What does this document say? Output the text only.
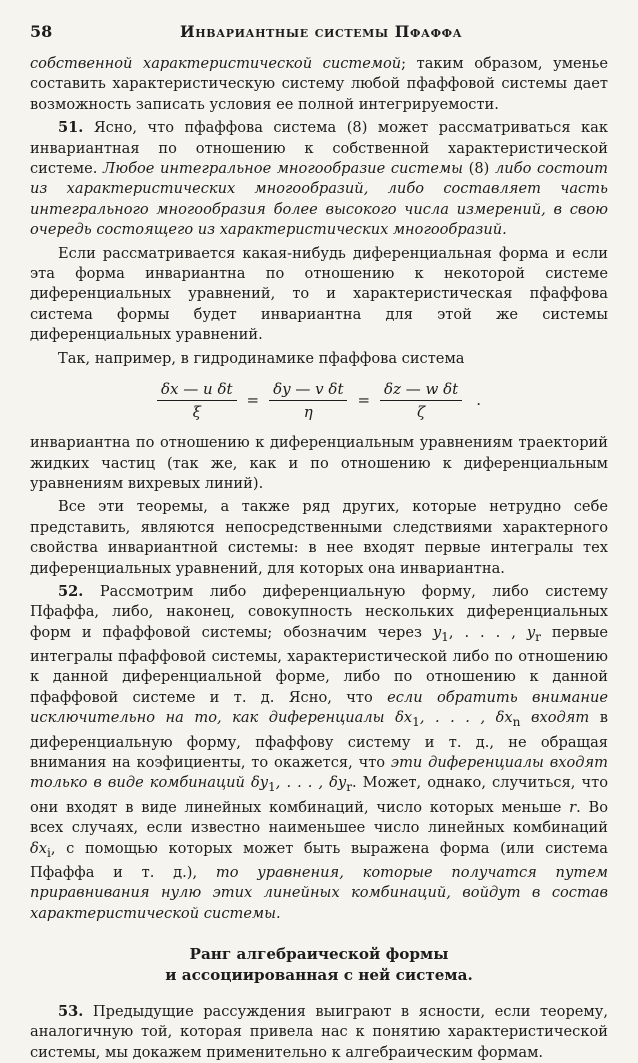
58	Инвариантные системы Пфаффа

собственной характеристической системой; таким образом, уменье составить характеристическую систему любой пфаффовой системы дает возможность записать условия ее полной интегрируемости.

51. Ясно, что пфаффова система (8) может рассматриваться как инвариантная по отношению к собственной характеристической системе. Любое интегральное многообразие системы (8) либо состоит из характеристических многообразий, либо составляет часть интегрального многообразия более высокого числа измерений, в свою очередь состоящего из характеристических многообразий.

Если рассматривается какая-нибудь диференциальная форма и если эта форма инвариантна по отношению к некоторой системе диференциальных уравнений, то и характеристическая пфаффова система формы будет инвариантна для этой же системы диференциальных уравнений.

Так, например, в гидродинамике пфаффова система

$\frac{\text{δx — u δt}}{\xi} = \frac{\text{δy — v δt}}{\eta} = \frac{\text{δz — w δt}}{\zeta}$ .

инвариантна по отношению к диференциальным уравнениям траекторий жидких частиц (так же, как и по отношению к диференциальным уравнениям вихревых линий).

Все эти теоремы, а также ряд других, которые нетрудно себе представить, являются непосредственными следствиями характерного свойства инвариантной системы: в нее входят первые интегралы тех диференциальных уравнений, для которых она инвариантна.

52. Рассмотрим либо диференциальную форму, либо систему Пфаффа, либо, наконец, совокупность нескольких диференциальных форм и пфаффовой системы; обозначим через $y_1$, . . . , $y_r$ первые интегралы пфаффовой системы, характеристической либо по отношению к данной диференциальной форме, либо по отношению к данной пфаффовой системе и т. д. Ясно, что если обратить внимание исключительно на то, как диференциалы $\delta x_1$, . . . , $\delta x_n$ входят в диференциальную форму, пфаффову систему и т. д., не обращая внимания на коэфициенты, то окажется, что эти диференциалы входят только в виде комбинаций $\delta y_1$, . . . , $\delta y_r$. Может, однако, случиться, что они входят в виде линейных комбинаций, число которых меньше r. Во всех случаях, если известно наименьшее число линейных комбинаций $\delta x_i$, с помощью которых может быть выражена форма (или система Пфаффа и т. д.), то уравнения, которые получатся путем приравнивания нулю этих линейных комбинаций, войдут в состав характеристической системы.

Ранг алгебраической формы
и ассоциированная с ней система.

53. Предыдущие рассуждения выиграют в ясности, если теорему, аналогичную той, которая привела нас к понятию характеристической системы, мы докажем применительно к алгебраическим формам.
